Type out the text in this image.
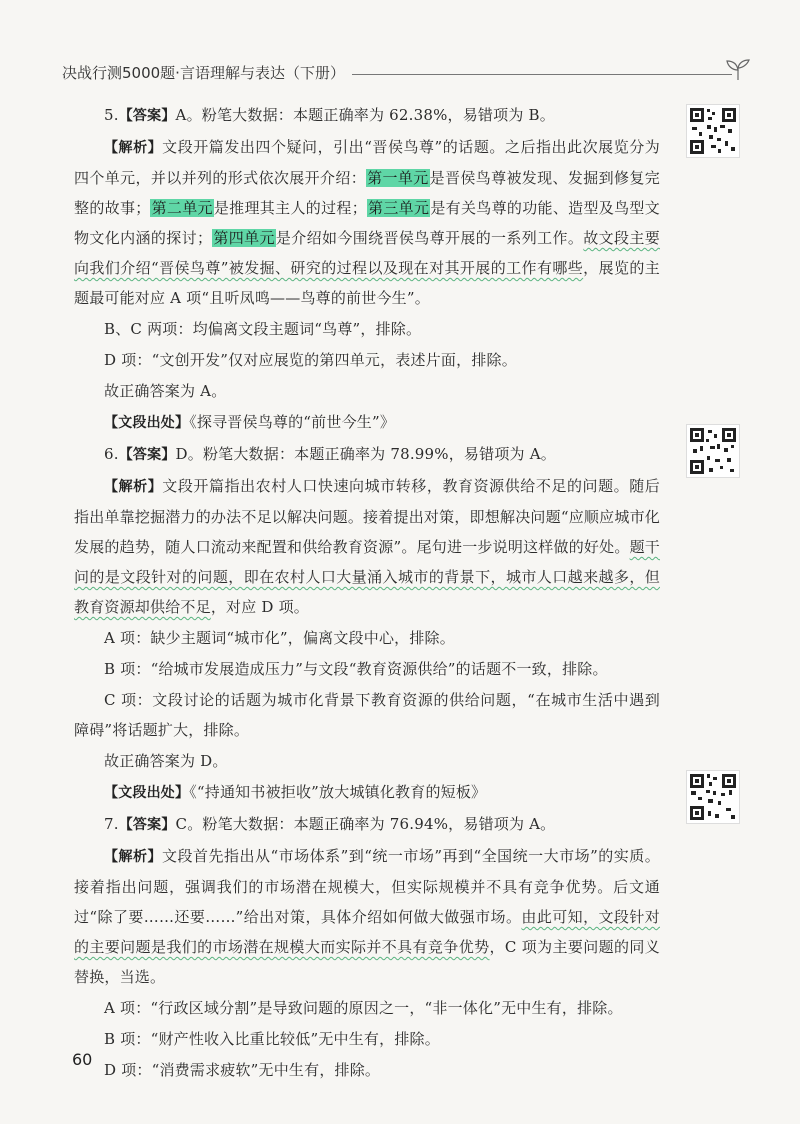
决战行测5000题·言语理解与表达（下册）

5.【答案】A。粉笔大数据：本题正确率为 62.38%，易错项为 B。

【解析】文段开篇发出四个疑问，引出“晋侯鸟尊”的话题。之后指出此次展览分为四个单元，并以并列的形式依次展开介绍：第一单元是晋侯鸟尊被发现、发掘到修复完整的故事；第二单元是推理其主人的过程；第三单元是有关鸟尊的功能、造型及鸟型文物文化内涵的探讨；第四单元是介绍如今围绕晋侯鸟尊开展的一系列工作。故文段主要向我们介绍“晋侯鸟尊”被发掘、研究的过程以及现在对其开展的工作有哪些，展览的主题最可能对应 A 项“且听凤鸣——鸟尊的前世今生”。

B、C 两项：均偏离文段主题词“鸟尊”，排除。

D 项：“文创开发”仅对应展览的第四单元，表述片面，排除。

故正确答案为 A。

【文段出处】《探寻晋侯鸟尊的“前世今生”》

6.【答案】D。粉笔大数据：本题正确率为 78.99%，易错项为 A。

【解析】文段开篇指出农村人口快速向城市转移，教育资源供给不足的问题。随后指出单靠挖掘潜力的办法不足以解决问题。接着提出对策，即想解决问题“应顺应城市化发展的趋势，随人口流动来配置和供给教育资源”。尾句进一步说明这样做的好处。题干问的是文段针对的问题，即在农村人口大量涌入城市的背景下，城市人口越来越多，但教育资源却供给不足，对应 D 项。

A 项：缺少主题词“城市化”，偏离文段中心，排除。

B 项：“给城市发展造成压力”与文段“教育资源供给”的话题不一致，排除。

C 项：文段讨论的话题为城市化背景下教育资源的供给问题，“在城市生活中遇到障碍”将话题扩大，排除。

故正确答案为 D。

【文段出处】《“持通知书被拒收”放大城镇化教育的短板》

7.【答案】C。粉笔大数据：本题正确率为 76.94%，易错项为 A。

【解析】文段首先指出从“市场体系”到“统一市场”再到“全国统一大市场”的实质。接着指出问题，强调我们的市场潜在规模大，但实际规模并不具有竞争优势。后文通过“除了要……还要……”给出对策，具体介绍如何做大做强市场。由此可知，文段针对的主要问题是我们的市场潜在规模大而实际并不具有竞争优势，C 项为主要问题的同义替换，当选。

A 项：“行政区域分割”是导致问题的原因之一，“非一体化”无中生有，排除。

B 项：“财产性收入比重比较低”无中生有，排除。

D 项：“消费需求疲软”无中生有，排除。

60
